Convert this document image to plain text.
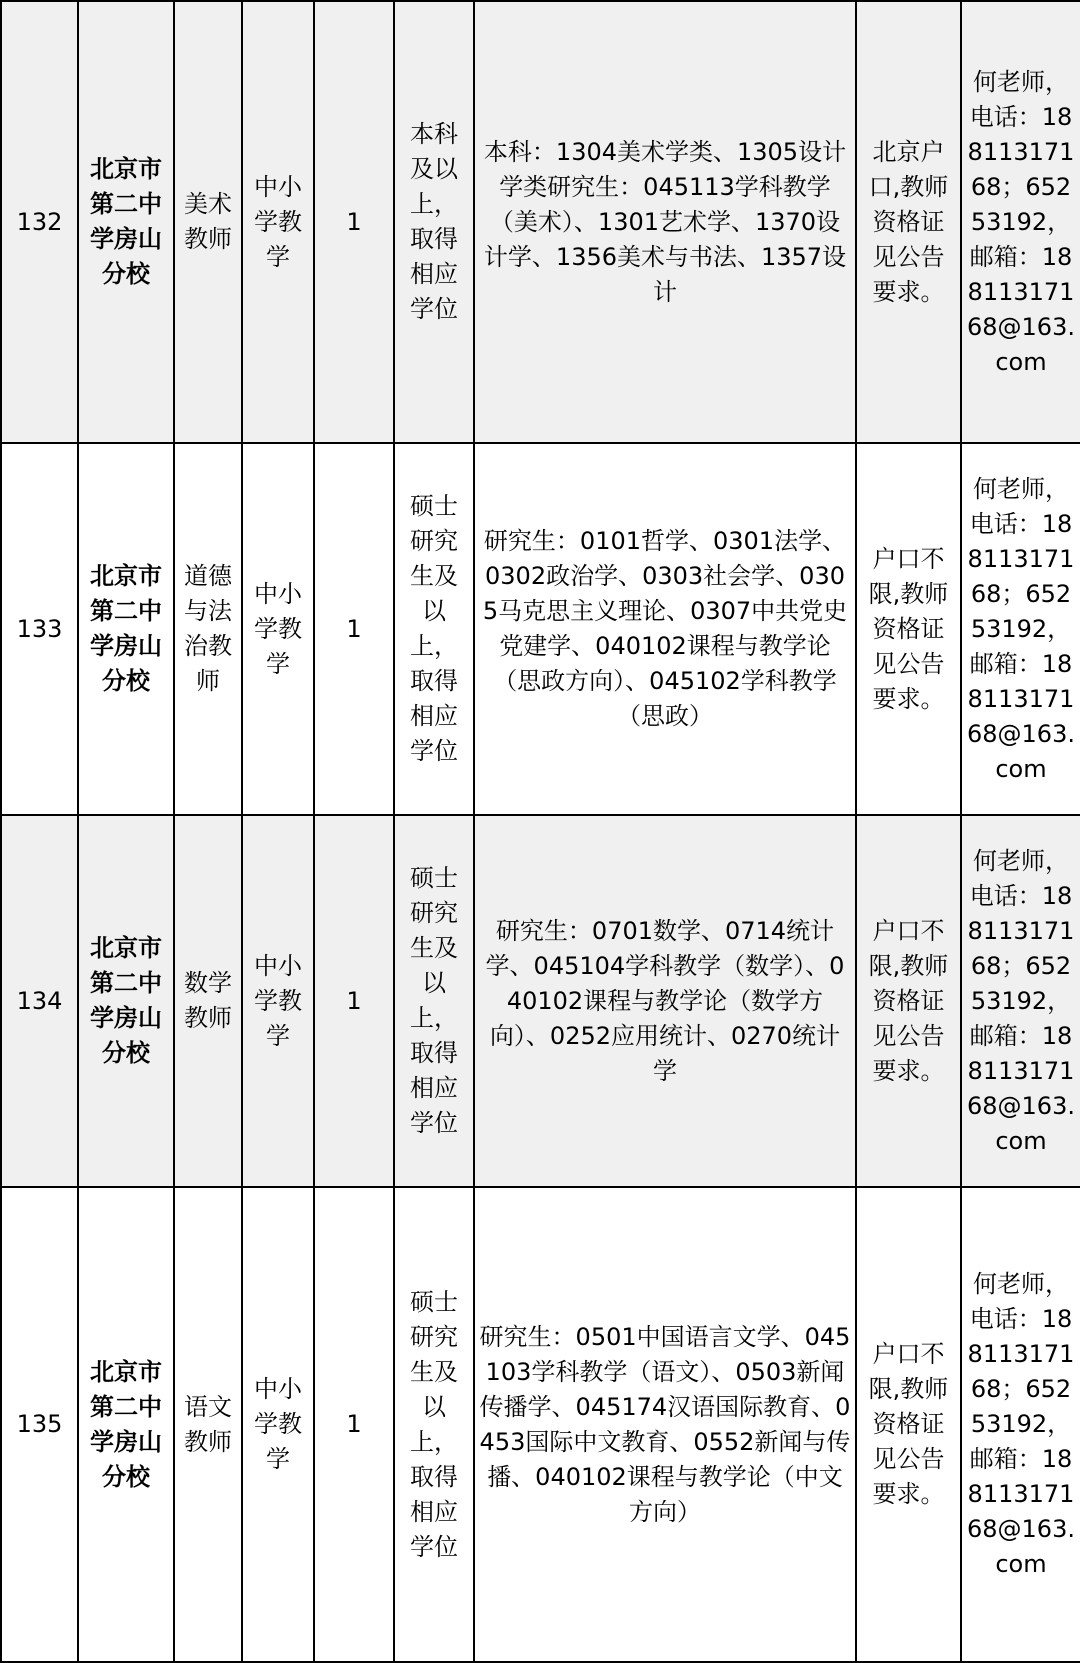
132	北京市第二中学房山分校	美术教师	中小学教学	1	本科及以上，取得相应学位	本科：1304美术学类、1305设计学类研究生：045113学科教学（美术）、1301艺术学、1370设计学、1356美术与书法、1357设计	北京户口,教师资格证见公告要求。	何老师，电话：18811317168；65253192，邮箱：18811317168@163.com
133	北京市第二中学房山分校	道德与法治教师	中小学教学	1	硕士研究生及以上，取得相应学位	研究生：0101哲学、0301法学、0302政治学、0303社会学、0305马克思主义理论、0307中共党史党建学、040102课程与教学论（思政方向）、045102学科教学（思政）	户口不限,教师资格证见公告要求。	何老师，电话：18811317168；65253192，邮箱：18811317168@163.com
134	北京市第二中学房山分校	数学教师	中小学教学	1	硕士研究生及以上，取得相应学位	研究生：0701数学、0714统计学、045104学科教学（数学）、040102课程与教学论（数学方向）、0252应用统计、0270统计学	户口不限,教师资格证见公告要求。	何老师，电话：18811317168；65253192，邮箱：18811317168@163.com
135	北京市第二中学房山分校	语文教师	中小学教学	1	硕士研究生及以上，取得相应学位	研究生：0501中国语言文学、045103学科教学（语文）、0503新闻传播学、045174汉语国际教育、0453国际中文教育、0552新闻与传播、040102课程与教学论（中文方向）	户口不限,教师资格证见公告要求。	何老师，电话：18811317168；65253192，邮箱：18811317168@163.com
